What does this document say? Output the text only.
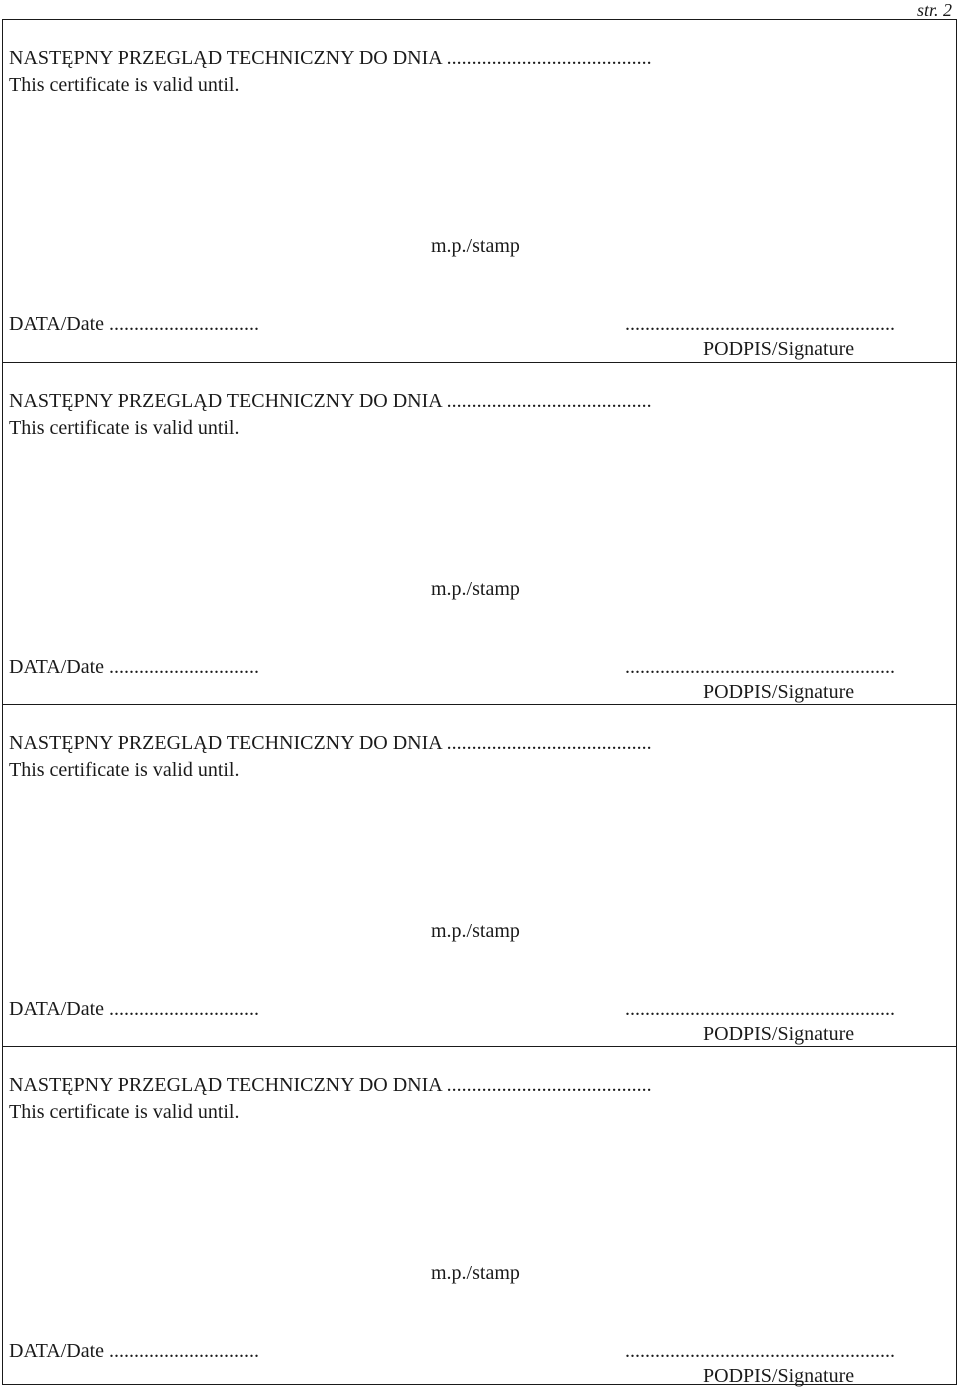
str. 2
NASTĘPNY PRZEGLĄD TECHNICZNY DO DNIA .........................................
This certificate is valid until.
m.p./stamp
DATA/Date ..............................	......................................................
PODPIS/Signature
NASTĘPNY PRZEGLĄD TECHNICZNY DO DNIA .........................................
This certificate is valid until.
m.p./stamp
DATA/Date ..............................	......................................................
PODPIS/Signature
NASTĘPNY PRZEGLĄD TECHNICZNY DO DNIA .........................................
This certificate is valid until.
m.p./stamp
DATA/Date ..............................	......................................................
PODPIS/Signature
NASTĘPNY PRZEGLĄD TECHNICZNY DO DNIA .........................................
This certificate is valid until.
m.p./stamp
DATA/Date ..............................	......................................................
PODPIS/Signature
